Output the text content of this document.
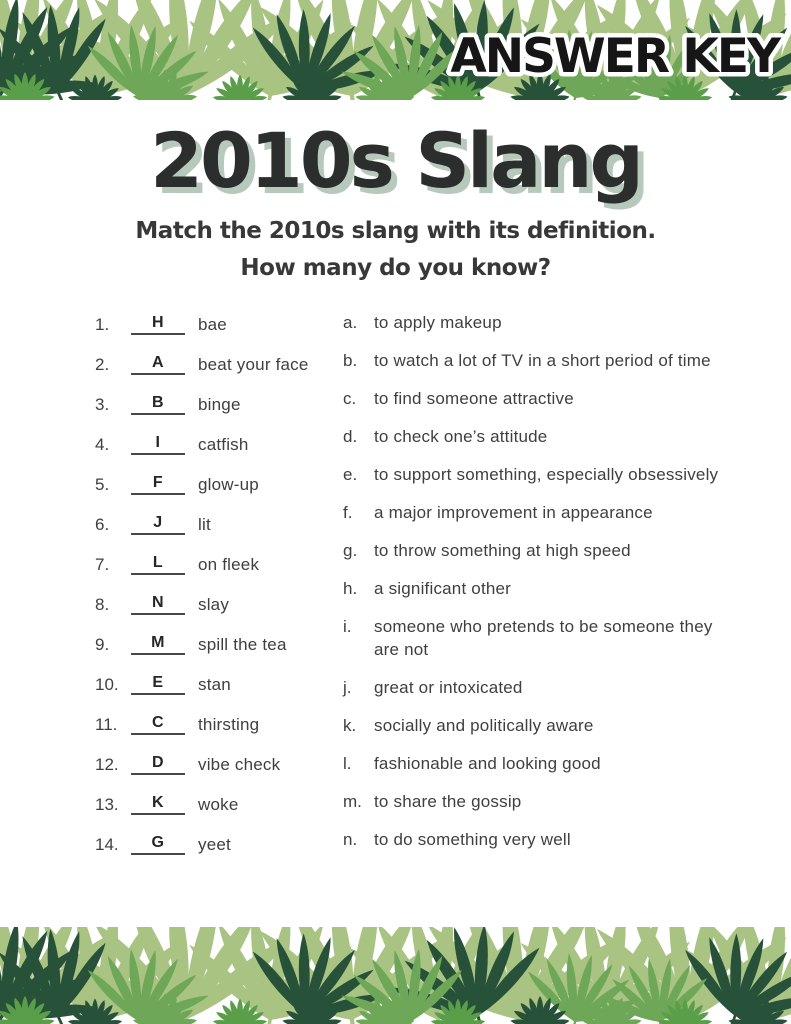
ANSWER KEY
2010s Slang

Match the 2010s slang with its definition.
How many do you know?

1.	H	bae
2.	A	beat your face
3.	B	binge
4.	I	catfish
5.	F	glow-up
6.	J	lit
7.	L	on fleek
8.	N	slay
9.	M	spill the tea
10.	E	stan
11.	C	thirsting
12.	D	vibe check
13.	K	woke
14.	G	yeet
a. to apply makeup
b. to watch a lot of TV in a short period of time
c.	to find someone attractive
d. to check one’s attitude
e. to support something, especially obsessively
f.	a major improvement in appearance
g. to throw something at high speed
h. a significant other
i.	someone who pretends to be someone they are not
j.	great or intoxicated
k.	socially and politically aware
l.	fashionable and looking good
m. to share the gossip
n. to do something very well
